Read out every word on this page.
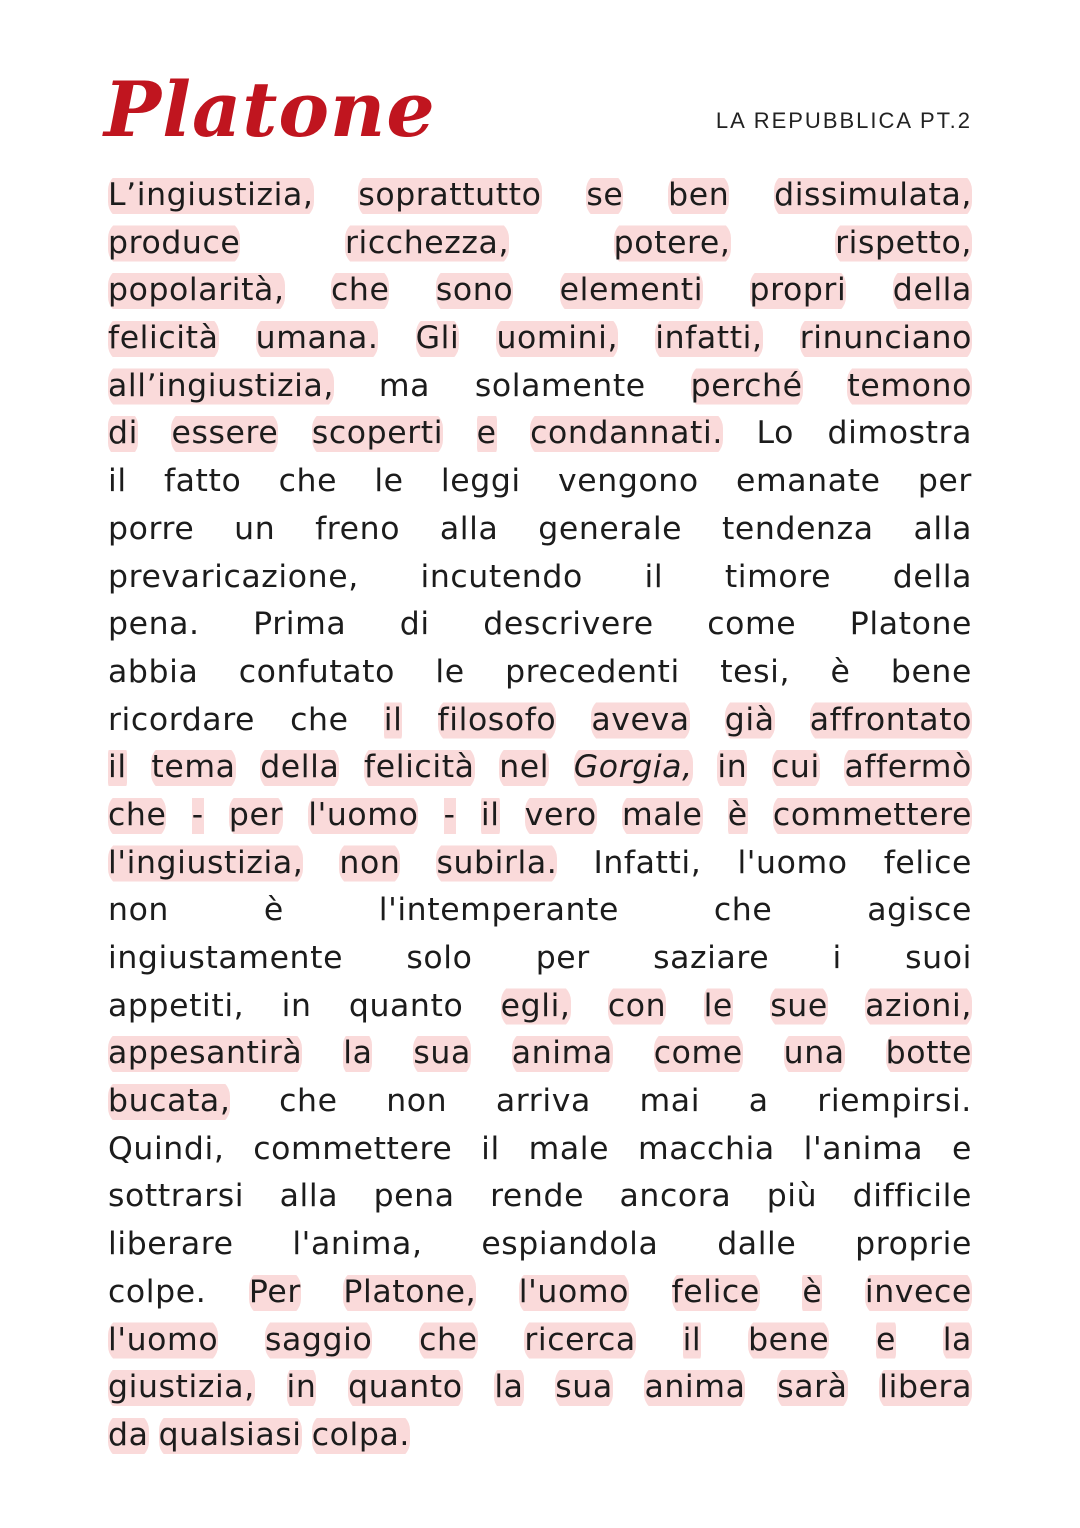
Platone	LA REPUBBLICA PT.2
L’ingiustizia, soprattutto se ben dissimulata,
produce	ricchezza,	potere,	rispetto,
popolarità, che sono elementi propri della
felicità umana. Gli uomini, infatti, rinunciano
all’ingiustizia, ma solamente perché temono
di essere scoperti e condannati. Lo dimostra
il fatto che le leggi vengono emanate per
porre un freno alla generale tendenza alla
prevaricazione, incutendo il timore della
pena. Prima di descrivere come Platone
abbia confutato le precedenti tesi, è bene
ricordare che il filosofo aveva già affrontato
il tema della felicità nel Gorgia, in cui affermò
che - per l'uomo - il vero male è commettere
l'ingiustizia, non subirla. Infatti, l'uomo felice
non	è	l'intemperante	che	agisce
ingiustamente solo per saziare i suoi
appetiti, in quanto egli, con le sue azioni,
appesantirà la sua anima come una botte
bucata, che non arriva mai a riempirsi.
Quindi, commettere il male macchia l'anima e
sottrarsi alla pena rende ancora più difficile
liberare l'anima, espiandola dalle proprie
colpe. Per Platone, l'uomo felice è invece
l'uomo saggio che ricerca il bene e la
giustizia, in quanto la sua anima sarà libera
da qualsiasi colpa.
